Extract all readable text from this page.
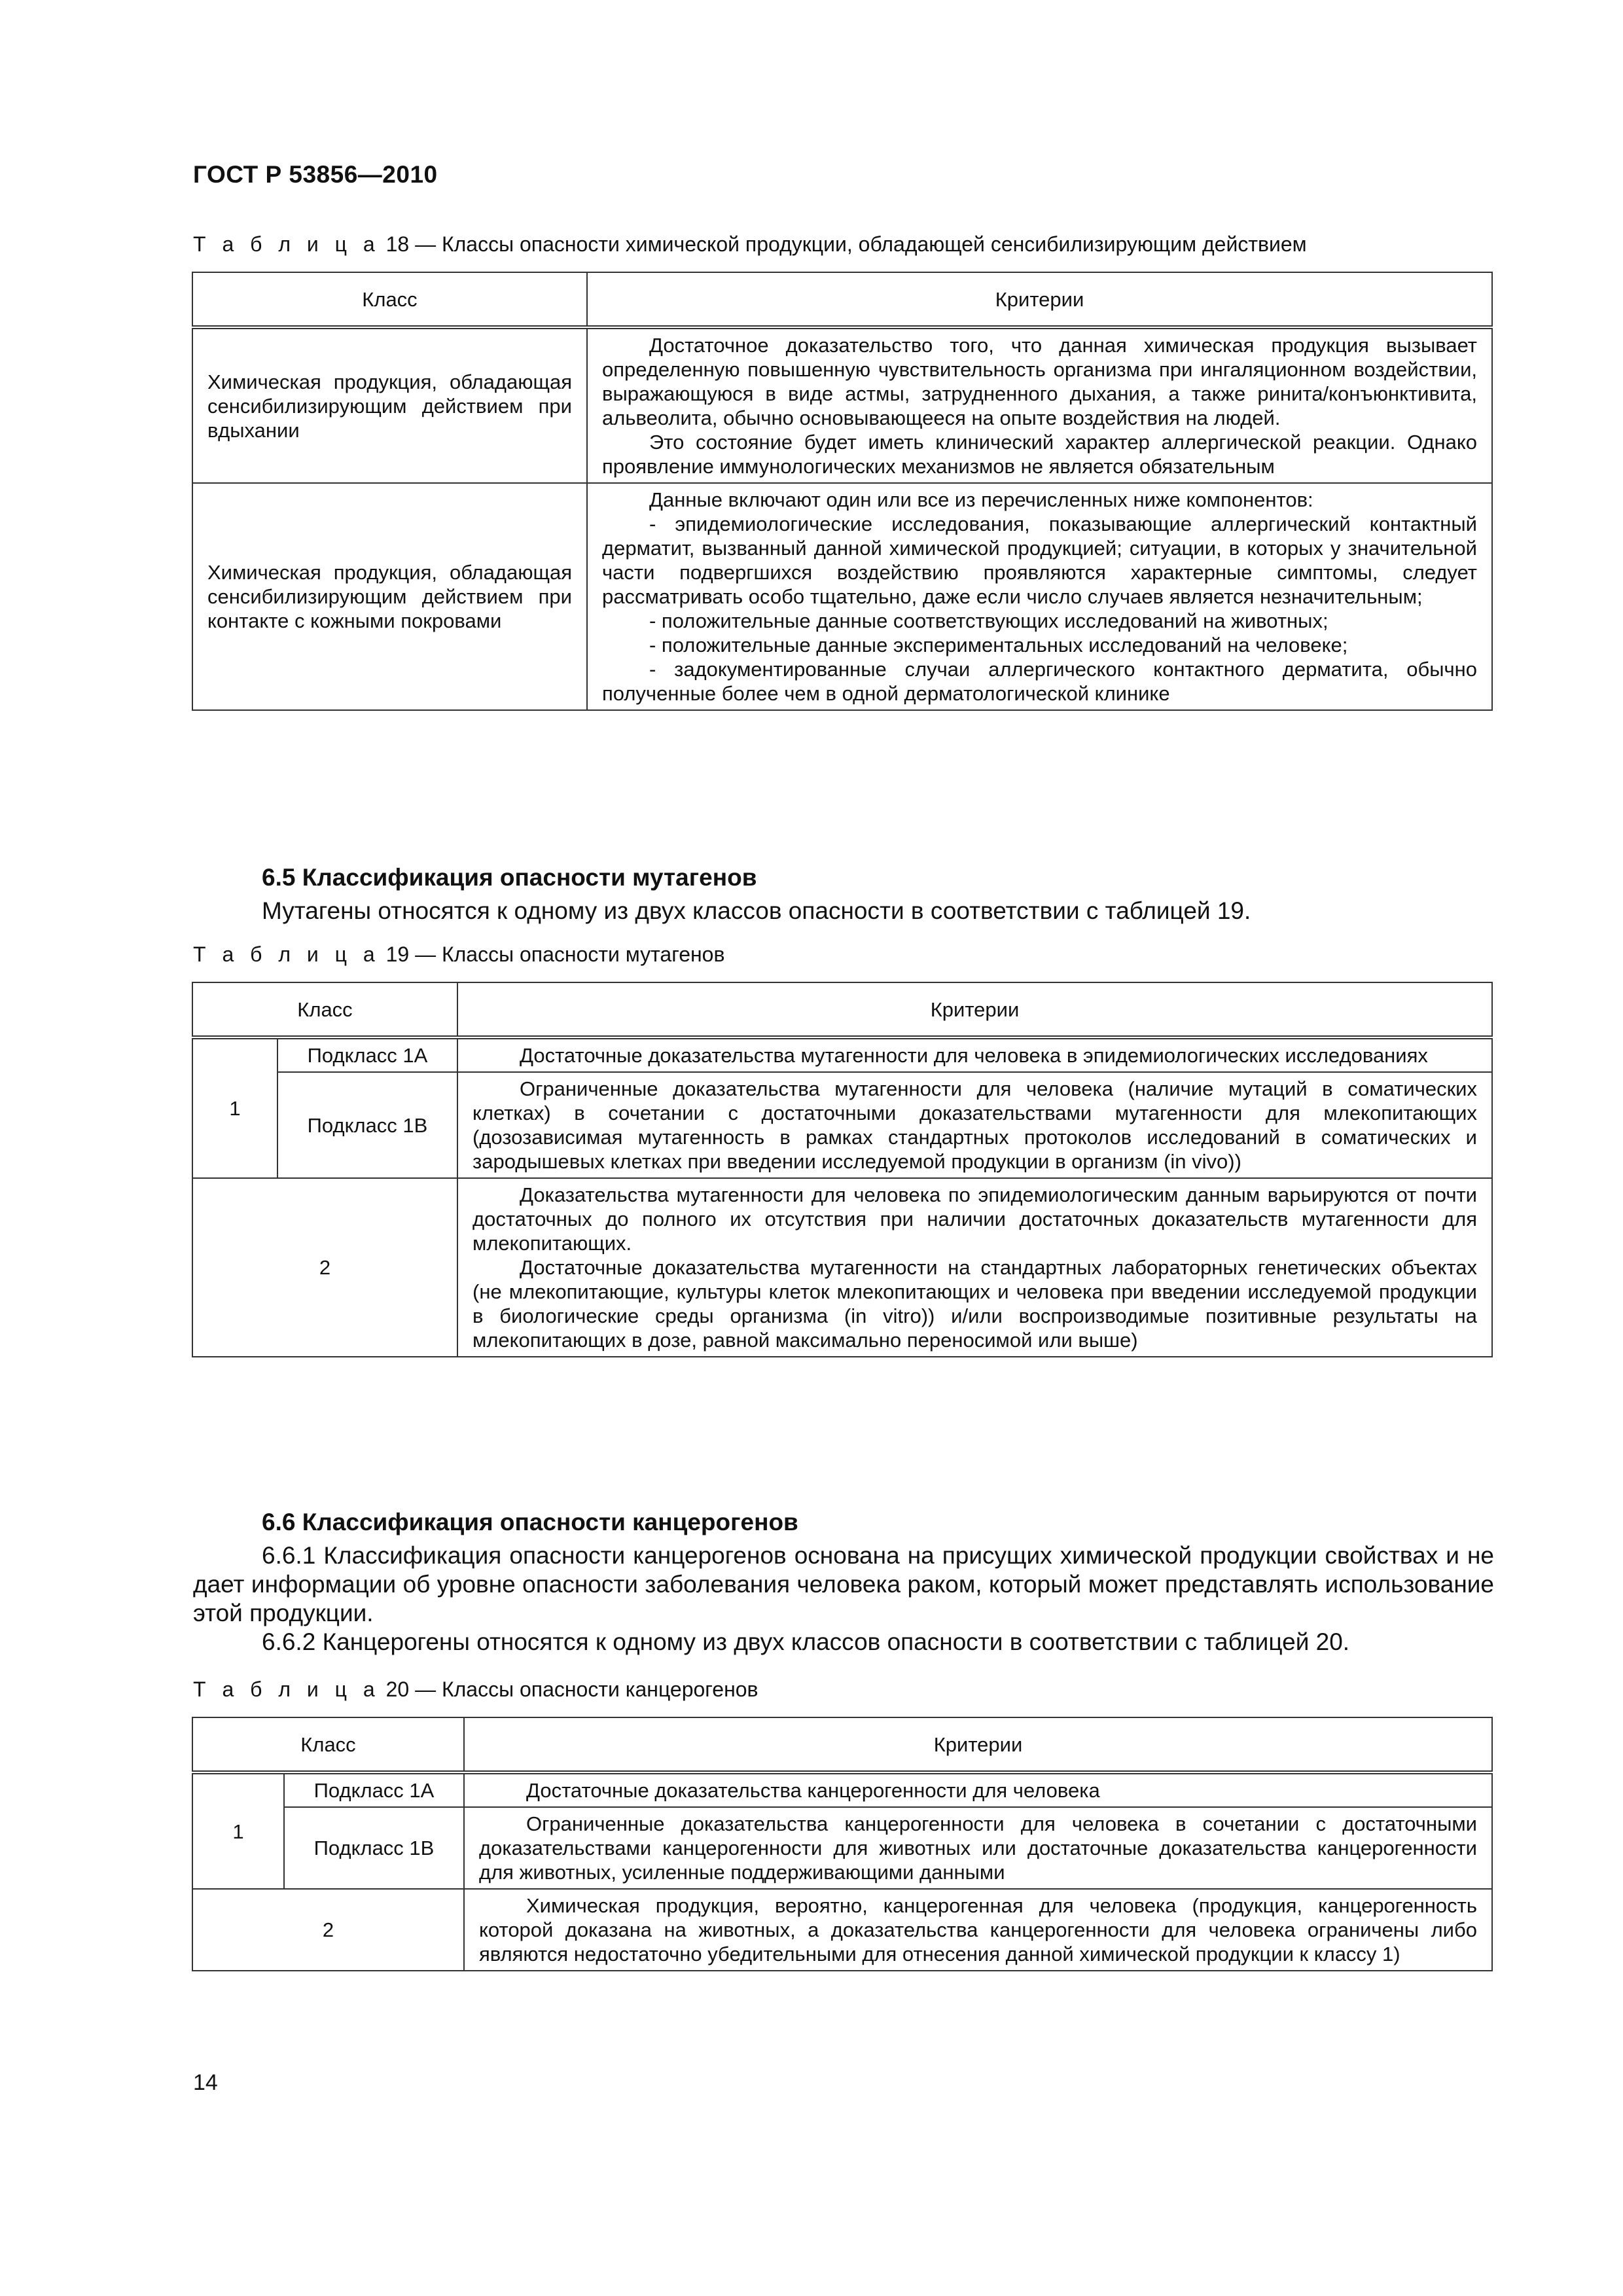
ГОСТ Р 53856—2010
Т а б л и ц а 18 — Классы опасности химической продукции, обладающей сенсибилизирующим действием
Класс	Критерии
Химическая продукция, обладающая сенсибилизирующим действием при вдыхании	Достаточное доказательство того, что данная химическая продукция вызывает определенную повышенную чувствительность организма при ингаляционном воздействии, выражающуюся в виде астмы, затрудненного дыхания, а также ринита/конъюнктивита, альвеолита, обычно основывающееся на опыте воздействия на людей.

Это состояние будет иметь клинический характер аллергической реакции. Однако проявление иммунологических механизмов не является обязательным

Химическая продукция, обладающая сенсибилизирующим действием при контакте с кожными покровами	Данные включают один или все из перечисленных ниже компонентов:

- эпидемиологические исследования, показывающие аллергический контактный дерматит, вызванный данной химической продукцией; ситуации, в которых у значительной части подвергшихся воздействию проявляются характерные симптомы, следует рассматривать особо тщательно, даже если число случаев является незначительным;

- положительные данные соответствующих исследований на животных;

- положительные данные экспериментальных исследований на человеке;

- задокументированные случаи аллергического контактного дерматита, обычно полученные более чем в одной дерматологической клинике

6.5 Классификация опасности мутагенов

Мутагены относятся к одному из двух классов опасности в соответствии с таблицей 19.

Т а б л и ц а 19 — Классы опасности мутагенов
Класс		Критерии
1	Подкласс 1А	Достаточные доказательства мутагенности для человека в эпидемиологических исследованиях

	Подкласс 1В	Ограниченные доказательства мутагенности для человека (наличие мутаций в соматических клетках) в сочетании с достаточными доказательствами мутагенности для млекопитающих (дозозависимая мутагенность в рамках стандартных протоколов исследований в соматических и зародышевых клетках при введении исследуемой продукции в организм (in vivo))

2		Доказательства мутагенности для человека по эпидемиологическим данным варьируются от почти достаточных до полного их отсутствия при наличии достаточных доказательств мутагенности для млекопитающих.

Достаточные доказательства мутагенности на стандартных лабораторных генетических объектах (не млекопитающие, культуры клеток млекопитающих и человека при введении исследуемой продукции в биологические среды организма (in vitro)) и/или воспроизводимые позитивные результаты на млекопитающих в дозе, равной максимально переносимой или выше)

6.6 Классификация опасности канцерогенов

6.6.1 Классификация опасности канцерогенов основана на присущих химической продукции свойствах и не дает информации об уровне опасности заболевания человека раком, который может представлять использование этой продукции.

6.6.2 Канцерогены относятся к одному из двух классов опасности в соответствии с таблицей 20.

Т а б л и ц а 20 — Классы опасности канцерогенов
Класс		Критерии
1	Подкласс 1А	Достаточные доказательства канцерогенности для человека

	Подкласс 1В	Ограниченные доказательства канцерогенности для человека в сочетании с достаточными доказательствами канцерогенности для животных или достаточные доказательства канцерогенности для животных, усиленные поддерживающими данными

2		Химическая продукция, вероятно, канцерогенная для человека (продукция, канцерогенность которой доказана на животных, а доказательства канцерогенности для человека ограничены либо являются недостаточно убедительными для отнесения данной химической продукции к классу 1)

14
